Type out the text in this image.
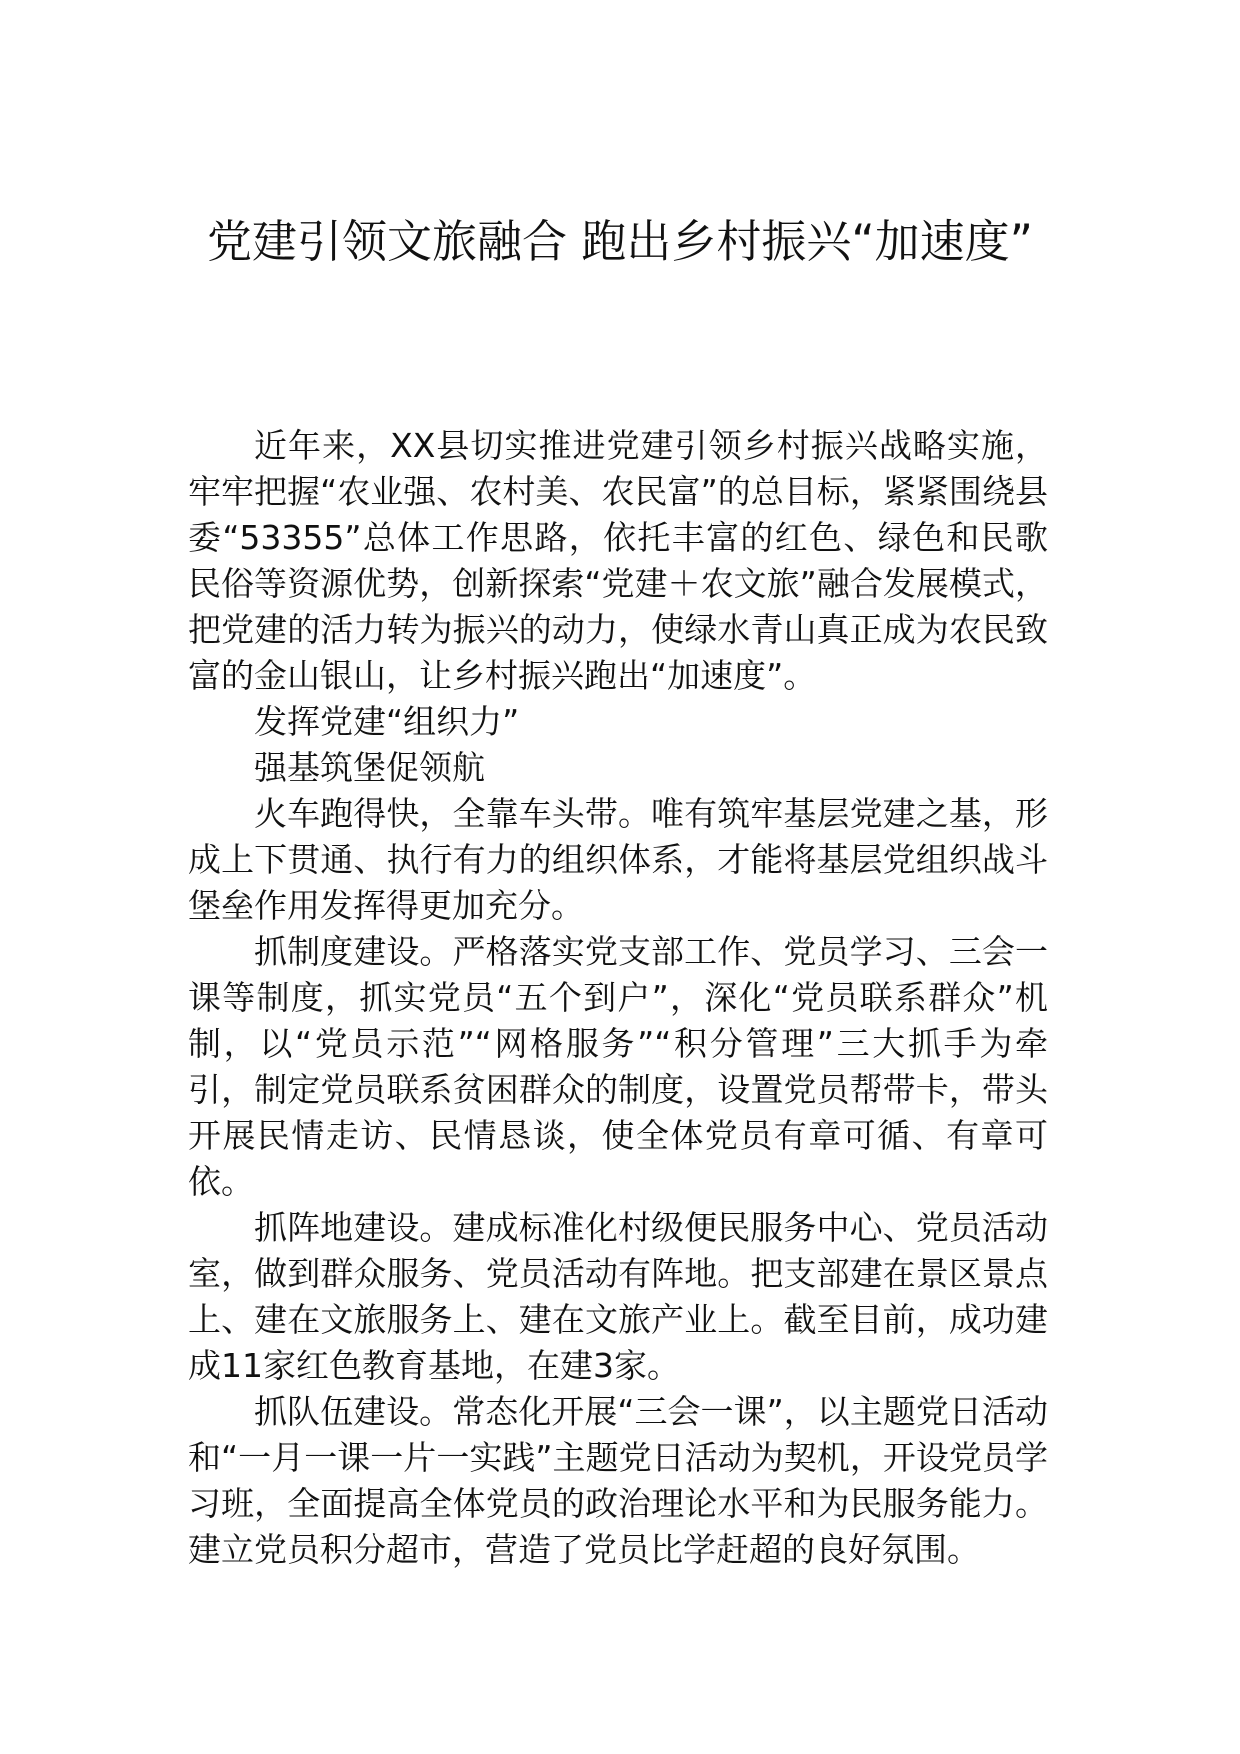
党建引领文旅融合 跑出乡村振兴“加速度”

近年来，XX县切实推进党建引领乡村振兴战略实施，牢牢把握“农业强、农村美、农民富”的总目标，紧紧围绕县委“53355”总体工作思路，依托丰富的红色、绿色和民歌民俗等资源优势，创新探索“党建＋农文旅”融合发展模式，把党建的活力转为振兴的动力，使绿水青山真正成为农民致富的金山银山，让乡村振兴跑出“加速度”。

发挥党建“组织力”

强基筑堡促领航

火车跑得快，全靠车头带。唯有筑牢基层党建之基，形成上下贯通、执行有力的组织体系，才能将基层党组织战斗堡垒作用发挥得更加充分。

抓制度建设。严格落实党支部工作、党员学习、三会一课等制度，抓实党员“五个到户”，深化“党员联系群众”机制，以“党员示范”“网格服务”“积分管理”三大抓手为牵引，制定党员联系贫困群众的制度，设置党员帮带卡，带头开展民情走访、民情恳谈，使全体党员有章可循、有章可依。

抓阵地建设。建成标准化村级便民服务中心、党员活动室，做到群众服务、党员活动有阵地。把支部建在景区景点上、建在文旅服务上、建在文旅产业上。截至目前，成功建成11家红色教育基地，在建3家。

抓队伍建设。常态化开展“三会一课”，以主题党日活动和“一月一课一片一实践”主题党日活动为契机，开设党员学习班，全面提高全体党员的政治理论水平和为民服务能力。建立党员积分超市，营造了党员比学赶超的良好氛围。
